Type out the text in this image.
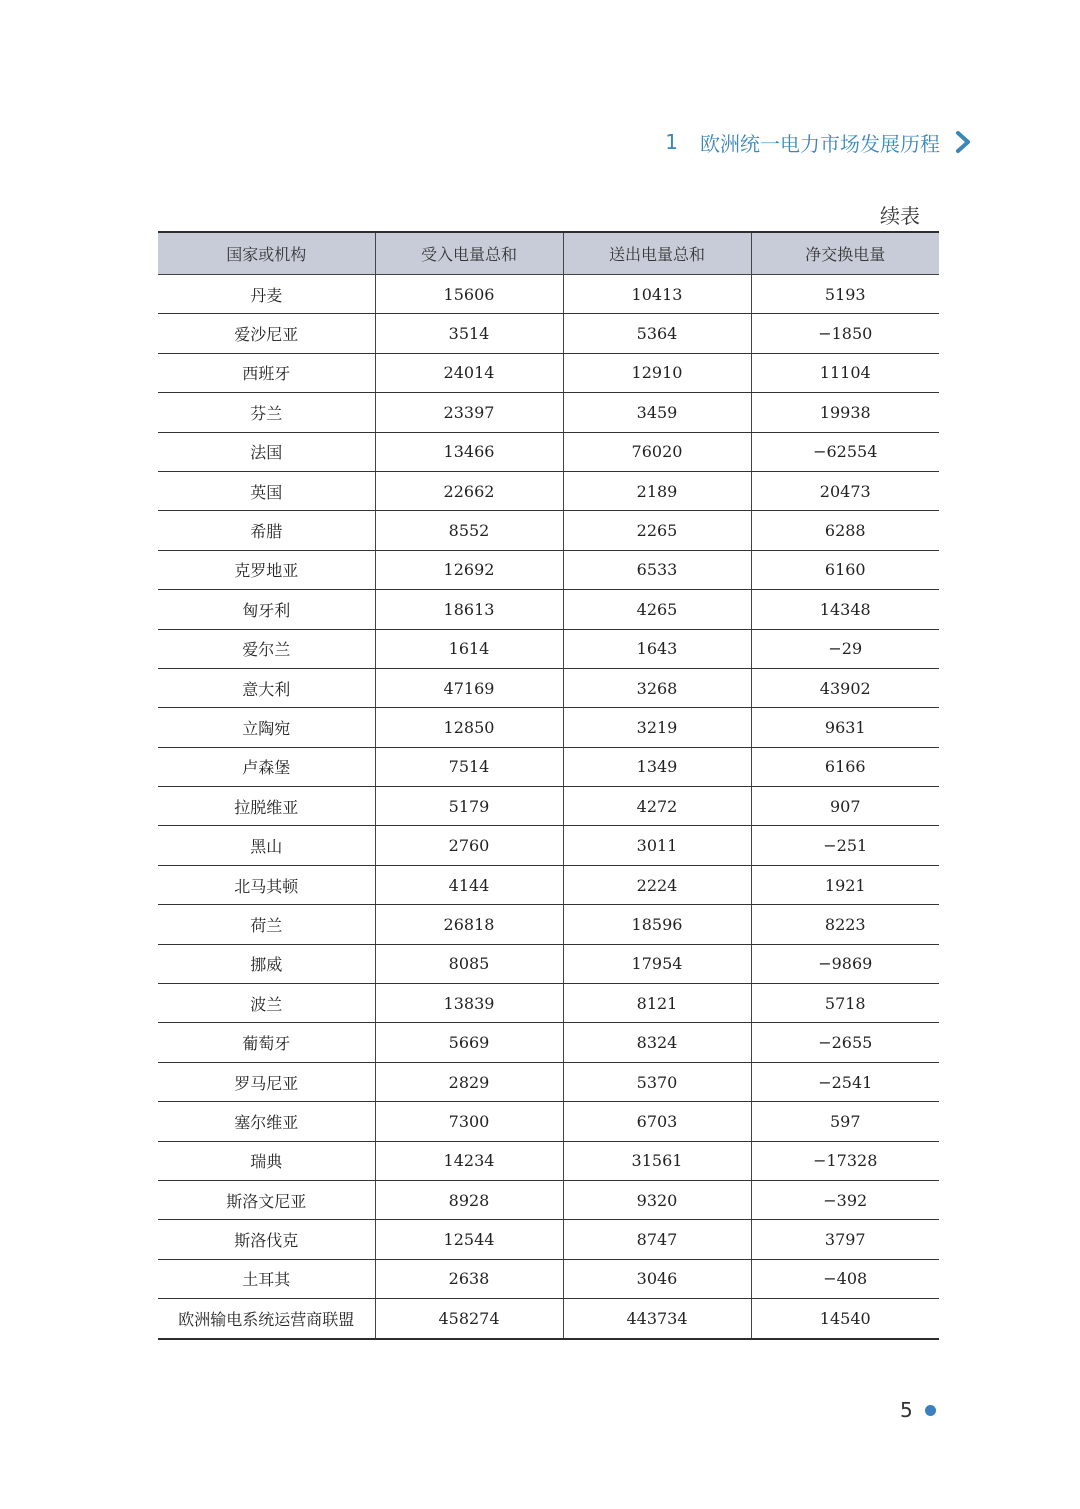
1 欧洲统一电力市场发展历程
续表
国家或机构	受入电量总和	送出电量总和	净交换电量
丹麦	15606	10413	5193
爱沙尼亚	3514	5364	−1850
西班牙	24014	12910	11104
芬兰	23397	3459	19938
法国	13466	76020	−62554
英国	22662	2189	20473
希腊	8552	2265	6288
克罗地亚	12692	6533	6160
匈牙利	18613	4265	14348
爱尔兰	1614	1643	−29
意大利	47169	3268	43902
立陶宛	12850	3219	9631
卢森堡	7514	1349	6166
拉脱维亚	5179	4272	907
黑山	2760	3011	−251
北马其顿	4144	2224	1921
荷兰	26818	18596	8223
挪威	8085	17954	−9869
波兰	13839	8121	5718
葡萄牙	5669	8324	−2655
罗马尼亚	2829	5370	−2541
塞尔维亚	7300	6703	597
瑞典	14234	31561	−17328
斯洛文尼亚	8928	9320	−392
斯洛伐克	12544	8747	3797
土耳其	2638	3046	−408
欧洲输电系统运营商联盟	458274	443734	14540
5
